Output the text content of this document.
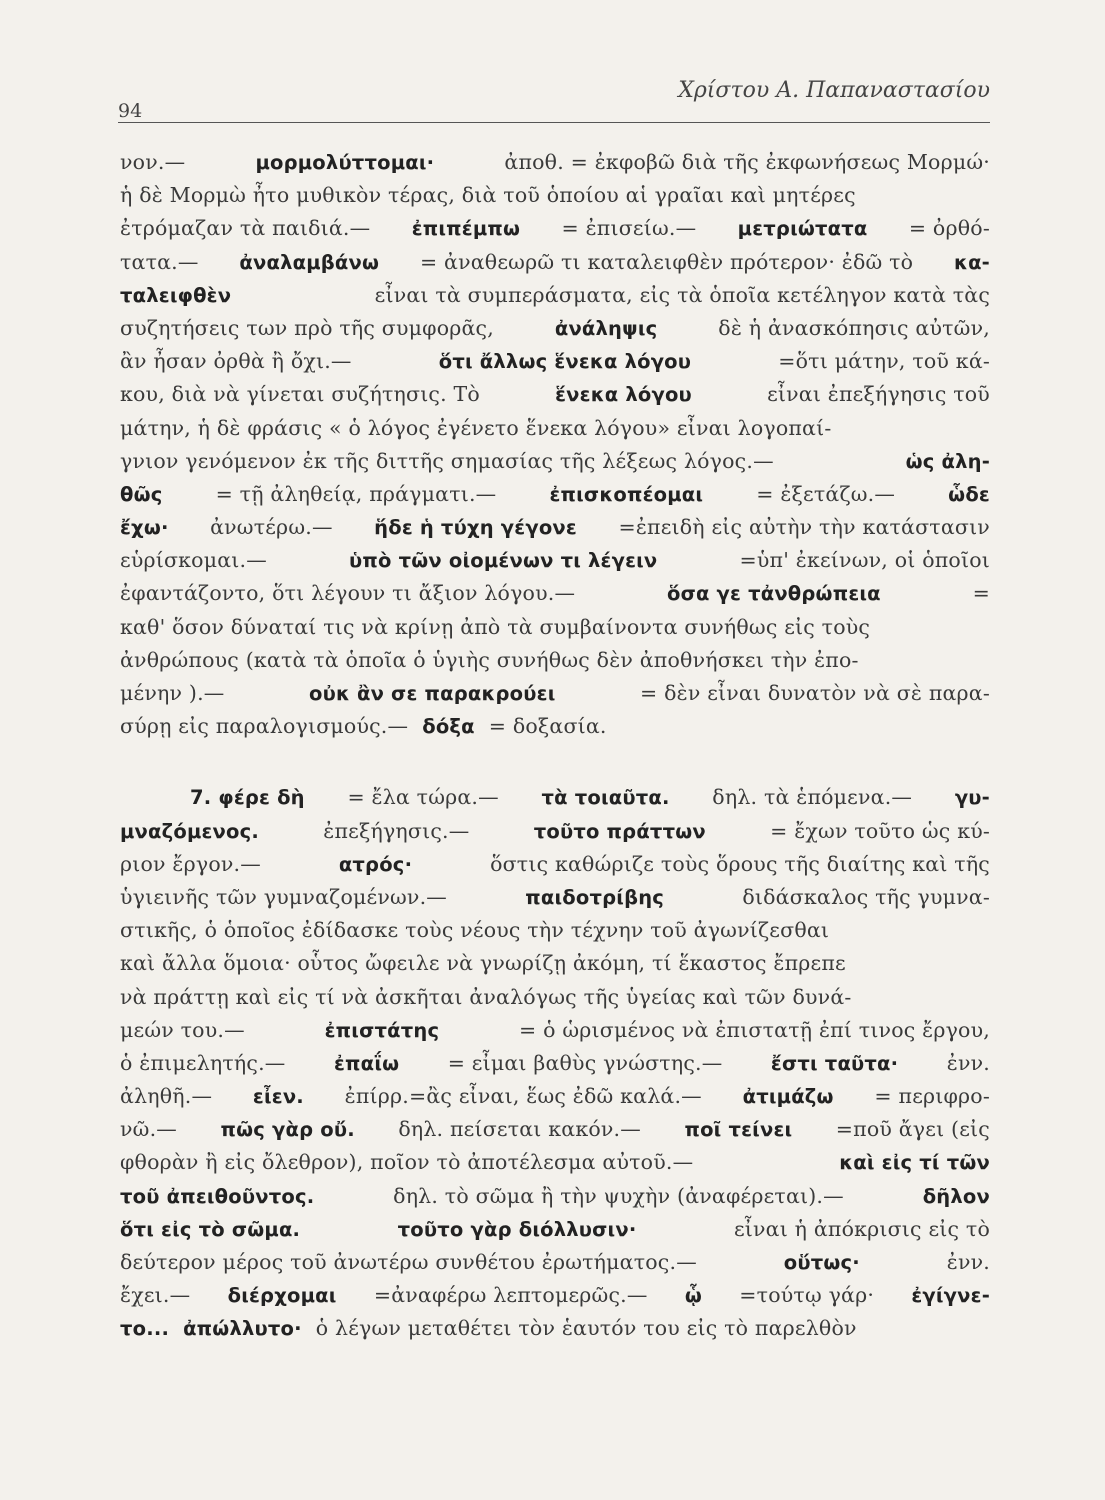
94
Χρίστου Α. Παπαναστασίου
νον.—	μορμολύττομαι·	ἀποθ. = ἐκφοβῶ διὰ τῆς ἐκφωνήσεως Μορμώ·
ἡ δὲ Μορμὼ ἦτο μυθικὸν τέρας, διὰ τοῦ ὁποίου αἱ γραῖαι καὶ μητέρες
ἐτρόμαζαν τὰ παιδιά.— ἐπιπέμπω = ἐπισείω.— μετριώτατα = ὀρθό-
τατα.— ἀναλαμβάνω = ἀναθεωρῶ τι καταλειφθὲν πρότερον· ἐδῶ τὸ κα-
ταλειφθὲν	εἶναι τὰ συμπεράσματα, εἰς τὰ ὁποῖα κετέληγον κατὰ τὰς
συζητήσεις των πρὸ τῆς συμφορᾶς,	ἀνάληψις	δὲ ἡ ἀνασκόπησις αὐτῶν,
ἂν ἦσαν ὀρθὰ ἢ ὄχι.—	ὅτι ἄλλως ἕνεκα λόγου	=ὅτι μάτην, τοῦ κά-
κου, διὰ νὰ γίνεται συζήτησις. Τὸ	ἕνεκα λόγου	εἶναι ἐπεξήγησις τοῦ
μάτην, ἡ δὲ φράσις « ὁ λόγος ἐγένετο ἕνεκα λόγου» εἶναι λογοπαί-
γνιον γενόμενον ἐκ τῆς διττῆς σημασίας τῆς λέξεως λόγος.—	ὡς ἀλη-
θῶς	= τῇ ἀληθείᾳ, πράγματι.—	ἐπισκοπέομαι	= ἐξετάζω.—	ὧδε
ἔχω· ἀνωτέρω.— ἥδε ἡ τύχη γέγονε =ἐπειδὴ εἰς αὐτὴν τὴν κατάστασιν
εὑρίσκομαι.—	ὑπὸ τῶν οἰομένων τι λέγειν	=ὑπ' ἐκείνων, οἱ ὁποῖοι
ἐφαντάζοντο, ὅτι λέγουν τι ἄξιον λόγου.—	ὅσα γε τἀνθρώπεια	=
καθ' ὅσον δύναταί τις νὰ κρίνῃ ἀπὸ τὰ συμβαίνοντα συνήθως εἰς τοὺς
ἀνθρώπους (κατὰ τὰ ὁποῖα ὁ ὑγιὴς συνήθως δὲν ἀποθνήσκει τὴν ἐπο-
μένην ).—	οὐκ ἂν σε παρακρούει	= δὲν εἶναι δυνατὸν νὰ σὲ παρα-
σύρῃ εἰς παραλογισμούς.— δόξα = δοξασία.
7. φέρε δὴ = ἔλα τώρα.— τὰ τοιαῦτα. δηλ. τὰ ἑπόμενα.— γυ-
μναζόμενος.	ἐπεξήγησις.—	τοῦτο πράττων	= ἔχων τοῦτο ὡς κύ-
ριον ἔργον.—	ατρός·	ὅστις καθώριζε τοὺς ὅρους τῆς διαίτης καὶ τῆς
ὑγιεινῆς τῶν γυμναζομένων.—	παιδοτρίβης	διδάσκαλος τῆς γυμνα-
στικῆς, ὁ ὁποῖος ἐδίδασκε τοὺς νέους τὴν τέχνην τοῦ ἀγωνίζεσθαι
καὶ ἄλλα ὅμοια· οὗτος ὤφειλε νὰ γνωρίζῃ ἀκόμη, τί ἕκαστος ἔπρεπε
νὰ πράττῃ καὶ εἰς τί νὰ ἀσκῆται ἀναλόγως τῆς ὑγείας καὶ τῶν δυνά-
μεών του.—	ἐπιστάτης	= ὁ ὡρισμένος νὰ ἐπιστατῇ ἐπί τινος ἔργου,
ὁ ἐπιμελητής.— ἐπαΐω = εἶμαι βαθὺς γνώστης.— ἔστι ταῦτα· ἐνν.
ἀληθῆ.— εἶεν. ἐπίρρ.=ἂς εἶναι, ἕως ἐδῶ καλά.— ἀτιμάζω = περιφρο-
νῶ.— πῶς γὰρ οὔ. δηλ. πείσεται κακόν.— ποῖ τείνει =ποῦ ἄγει (εἰς
φθορὰν ἢ εἰς ὄλεθρον), ποῖον τὸ ἀποτέλεσμα αὐτοῦ.—	καὶ εἰς τί τῶν
τοῦ ἀπειθοῦντος.	δηλ. τὸ σῶμα ἢ τὴν ψυχὴν (ἀναφέρεται).—	δῆλον
ὅτι εἰς τὸ σῶμα.	τοῦτο γὰρ διόλλυσιν·	εἶναι ἡ ἀπόκρισις εἰς τὸ
δεύτερον μέρος τοῦ ἀνωτέρω συνθέτου ἐρωτήματος.—	οὕτως·	ἐνν.
ἔχει.— διέρχομαι =ἀναφέρω λεπτομερῶς.— ᾧ =τούτῳ γάρ· ἐγίγνε-
το... ἀπώλλυτο· ὁ λέγων μεταθέτει τὸν ἑαυτόν του εἰς τὸ παρελθὸν
